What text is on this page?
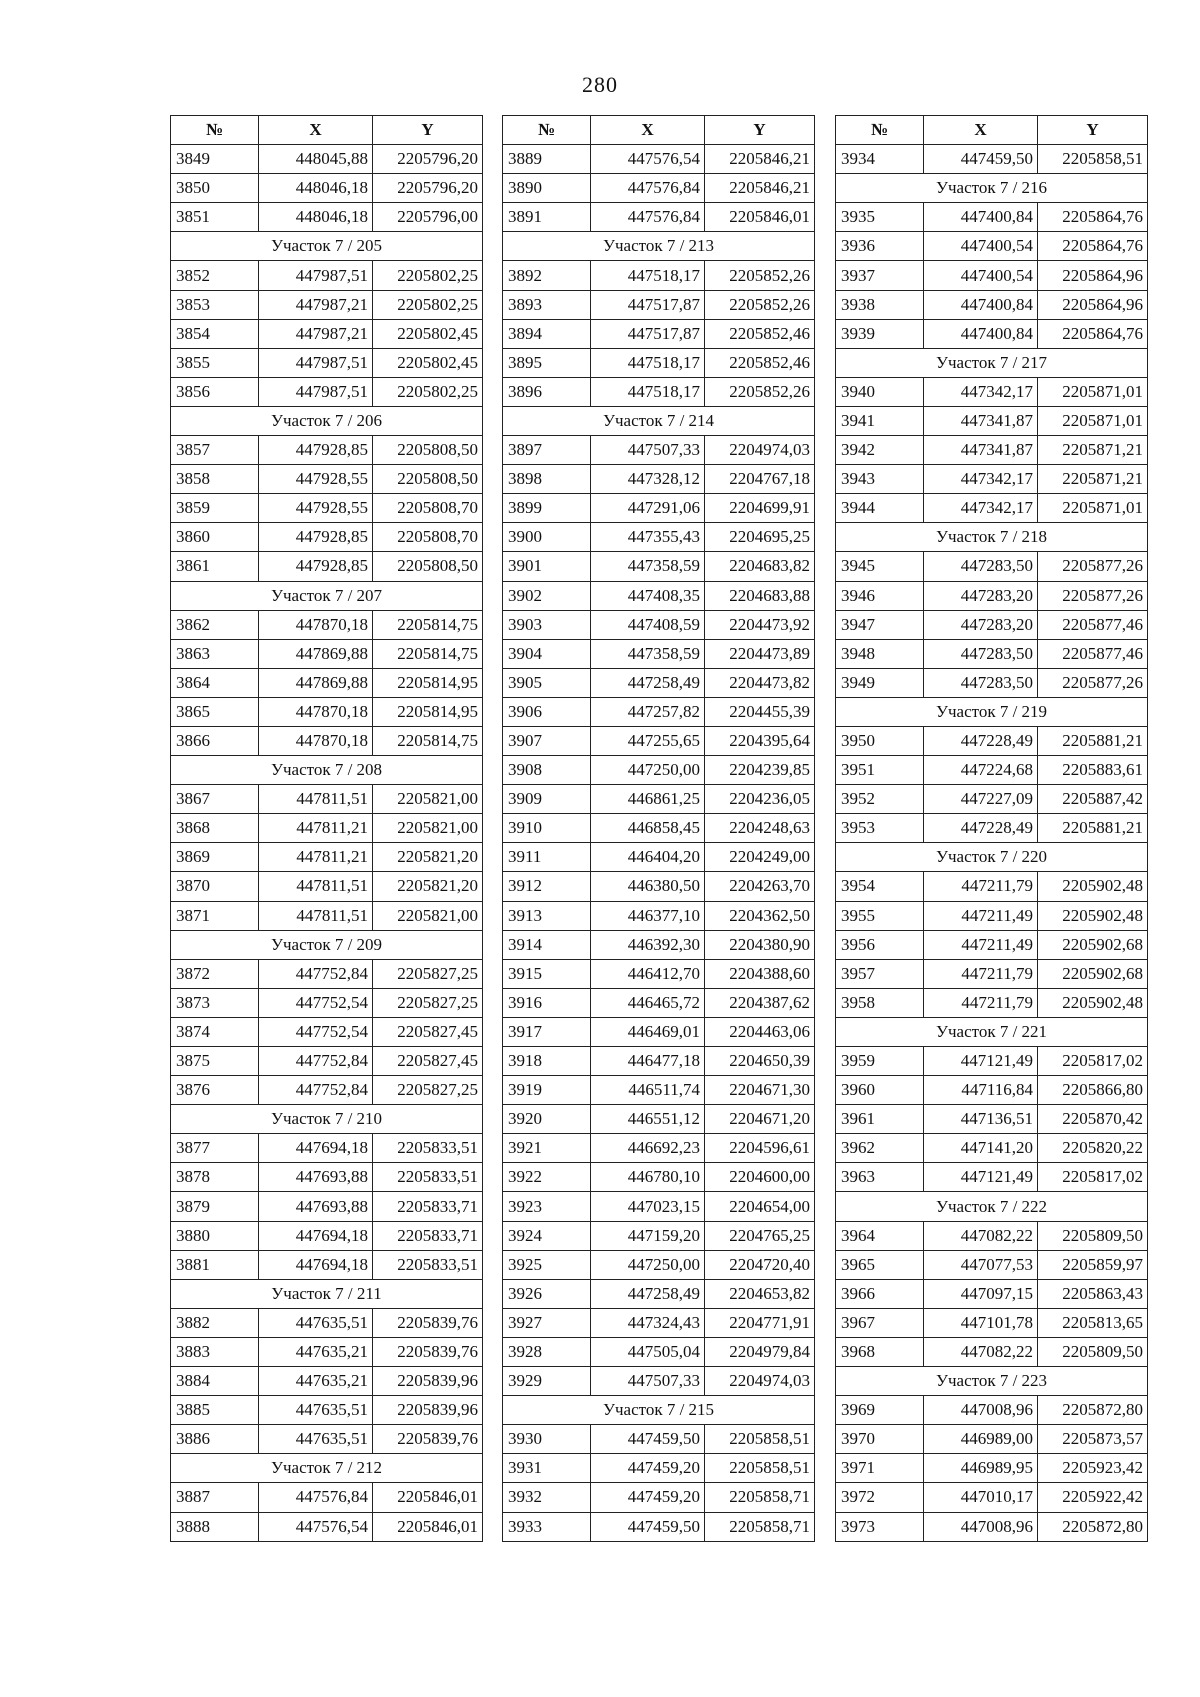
280
№	X	Y
3849	448045,88	2205796,20
3850	448046,18	2205796,20
3851	448046,18	2205796,00
Участок 7 / 205		
3852	447987,51	2205802,25
3853	447987,21	2205802,25
3854	447987,21	2205802,45
3855	447987,51	2205802,45
3856	447987,51	2205802,25
Участок 7 / 206		
3857	447928,85	2205808,50
3858	447928,55	2205808,50
3859	447928,55	2205808,70
3860	447928,85	2205808,70
3861	447928,85	2205808,50
Участок 7 / 207		
3862	447870,18	2205814,75
3863	447869,88	2205814,75
3864	447869,88	2205814,95
3865	447870,18	2205814,95
3866	447870,18	2205814,75
Участок 7 / 208		
3867	447811,51	2205821,00
3868	447811,21	2205821,00
3869	447811,21	2205821,20
3870	447811,51	2205821,20
3871	447811,51	2205821,00
Участок 7 / 209		
3872	447752,84	2205827,25
3873	447752,54	2205827,25
3874	447752,54	2205827,45
3875	447752,84	2205827,45
3876	447752,84	2205827,25
Участок 7 / 210		
3877	447694,18	2205833,51
3878	447693,88	2205833,51
3879	447693,88	2205833,71
3880	447694,18	2205833,71
3881	447694,18	2205833,51
Участок 7 / 211		
3882	447635,51	2205839,76
3883	447635,21	2205839,76
3884	447635,21	2205839,96
3885	447635,51	2205839,96
3886	447635,51	2205839,76
Участок 7 / 212		
3887	447576,84	2205846,01
3888	447576,54	2205846,01
№	X	Y
3889	447576,54	2205846,21
3890	447576,84	2205846,21
3891	447576,84	2205846,01
Участок 7 / 213		
3892	447518,17	2205852,26
3893	447517,87	2205852,26
3894	447517,87	2205852,46
3895	447518,17	2205852,46
3896	447518,17	2205852,26
Участок 7 / 214		
3897	447507,33	2204974,03
3898	447328,12	2204767,18
3899	447291,06	2204699,91
3900	447355,43	2204695,25
3901	447358,59	2204683,82
3902	447408,35	2204683,88
3903	447408,59	2204473,92
3904	447358,59	2204473,89
3905	447258,49	2204473,82
3906	447257,82	2204455,39
3907	447255,65	2204395,64
3908	447250,00	2204239,85
3909	446861,25	2204236,05
3910	446858,45	2204248,63
3911	446404,20	2204249,00
3912	446380,50	2204263,70
3913	446377,10	2204362,50
3914	446392,30	2204380,90
3915	446412,70	2204388,60
3916	446465,72	2204387,62
3917	446469,01	2204463,06
3918	446477,18	2204650,39
3919	446511,74	2204671,30
3920	446551,12	2204671,20
3921	446692,23	2204596,61
3922	446780,10	2204600,00
3923	447023,15	2204654,00
3924	447159,20	2204765,25
3925	447250,00	2204720,40
3926	447258,49	2204653,82
3927	447324,43	2204771,91
3928	447505,04	2204979,84
3929	447507,33	2204974,03
Участок 7 / 215		
3930	447459,50	2205858,51
3931	447459,20	2205858,51
3932	447459,20	2205858,71
3933	447459,50	2205858,71
№	X	Y
3934	447459,50	2205858,51
Участок 7 / 216		
3935	447400,84	2205864,76
3936	447400,54	2205864,76
3937	447400,54	2205864,96
3938	447400,84	2205864,96
3939	447400,84	2205864,76
Участок 7 / 217		
3940	447342,17	2205871,01
3941	447341,87	2205871,01
3942	447341,87	2205871,21
3943	447342,17	2205871,21
3944	447342,17	2205871,01
Участок 7 / 218		
3945	447283,50	2205877,26
3946	447283,20	2205877,26
3947	447283,20	2205877,46
3948	447283,50	2205877,46
3949	447283,50	2205877,26
Участок 7 / 219		
3950	447228,49	2205881,21
3951	447224,68	2205883,61
3952	447227,09	2205887,42
3953	447228,49	2205881,21
Участок 7 / 220		
3954	447211,79	2205902,48
3955	447211,49	2205902,48
3956	447211,49	2205902,68
3957	447211,79	2205902,68
3958	447211,79	2205902,48
Участок 7 / 221		
3959	447121,49	2205817,02
3960	447116,84	2205866,80
3961	447136,51	2205870,42
3962	447141,20	2205820,22
3963	447121,49	2205817,02
Участок 7 / 222		
3964	447082,22	2205809,50
3965	447077,53	2205859,97
3966	447097,15	2205863,43
3967	447101,78	2205813,65
3968	447082,22	2205809,50
Участок 7 / 223		
3969	447008,96	2205872,80
3970	446989,00	2205873,57
3971	446989,95	2205923,42
3972	447010,17	2205922,42
3973	447008,96	2205872,80
